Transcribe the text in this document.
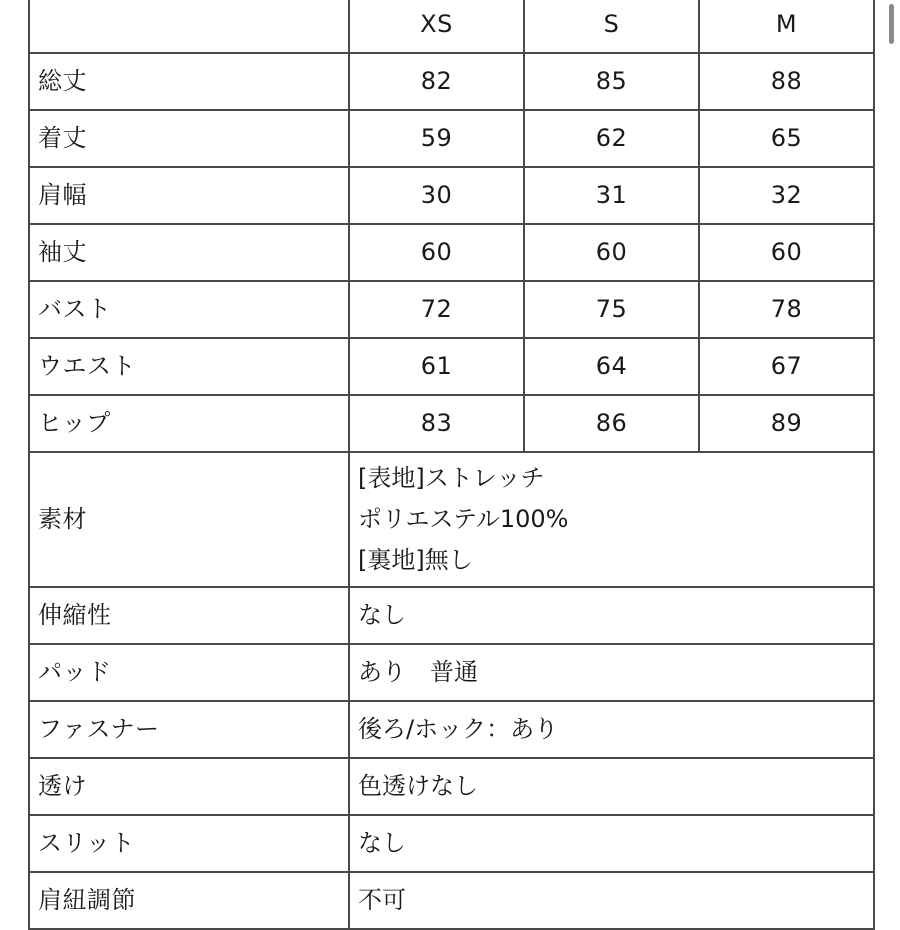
	XS	S	M
総丈	82	85	88
着丈	59	62	65
肩幅	30	31	32
袖丈	60	60	60
バスト	72	75	78
ウエスト	61	64	67
ヒップ	83	86	89
素材	[表地]ストレッチ
ポリエステル100%
[裏地]無し		

伸縮性	なし		
パッド	あり　普通		
ファスナー	後ろ/ホック：あり		
透け	色透けなし		
スリット	なし		
肩紐調節	不可		
